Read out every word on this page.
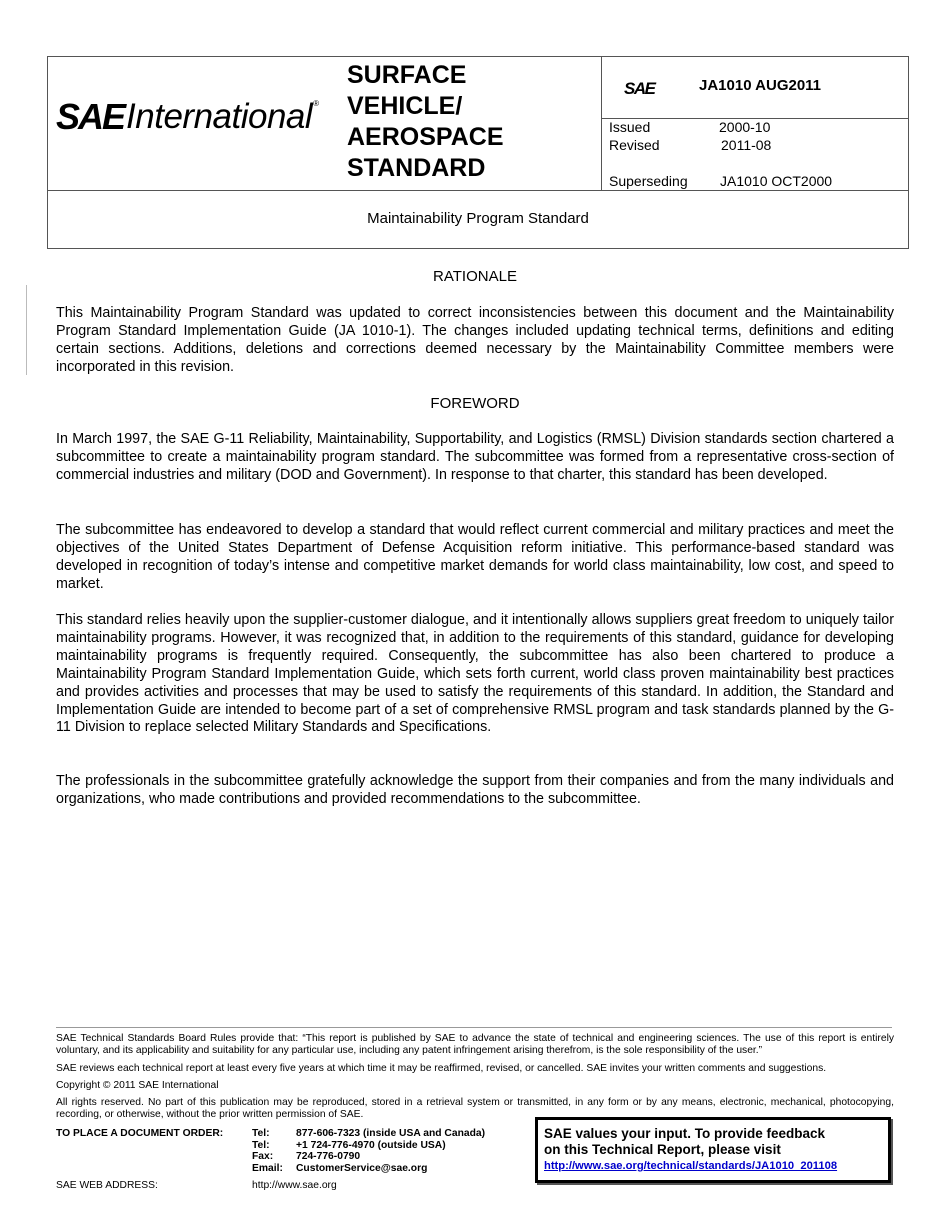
SAEInternational®
SURFACE
VEHICLE/
AEROSPACE
STANDARD
SAE	JA1010 AUG2011
Issued	2000-10
Revised	2011-08
Superseding JA1010 OCT2000
Maintainability Program Standard
RATIONALE
This Maintainability Program Standard was updated to correct inconsistencies between this document and the Maintainability Program Standard Implementation Guide (JA 1010-1). The changes included updating technical terms, definitions and editing certain sections. Additions, deletions and corrections deemed necessary by the Maintainability Committee members were incorporated in this revision.
FOREWORD
In March 1997, the SAE G-11 Reliability, Maintainability, Supportability, and Logistics (RMSL) Division standards section chartered a subcommittee to create a maintainability program standard. The subcommittee was formed from a representative cross-section of commercial industries and military (DOD and Government). In response to that charter, this standard has been developed.
The subcommittee has endeavored to develop a standard that would reflect current commercial and military practices and meet the objectives of the United States Department of Defense Acquisition reform initiative. This performance-based standard was developed in recognition of today’s intense and competitive market demands for world class maintainability, low cost, and speed to market.
This standard relies heavily upon the supplier-customer dialogue, and it intentionally allows suppliers great freedom to uniquely tailor maintainability programs. However, it was recognized that, in addition to the requirements of this standard, guidance for developing maintainability programs is frequently required. Consequently, the subcommittee has also been chartered to produce a Maintainability Program Standard Implementation Guide, which sets forth current, world class proven maintainability best practices and provides activities and processes that may be used to satisfy the requirements of this standard. In addition, the Standard and Implementation Guide are intended to become part of a set of comprehensive RMSL program and task standards planned by the G-11 Division to replace selected Military Standards and Specifications.
The professionals in the subcommittee gratefully acknowledge the support from their companies and from the many individuals and organizations, who made contributions and provided recommendations to the subcommittee.
SAE Technical Standards Board Rules provide that: “This report is published by SAE to advance the state of technical and engineering sciences. The use of this report is entirely voluntary, and its applicability and suitability for any particular use, including any patent infringement arising therefrom, is the sole responsibility of the user.”
SAE reviews each technical report at least every five years at which time it may be reaffirmed, revised, or cancelled. SAE invites your written comments and suggestions.
Copyright © 2011 SAE International
All rights reserved. No part of this publication may be reproduced, stored in a retrieval system or transmitted, in any form or by any means, electronic, mechanical, photocopying, recording, or otherwise, without the prior written permission of SAE.
TO PLACE A DOCUMENT ORDER:	Tel:	877-606-7323 (inside USA and Canada)
Tel:	+1 724-776-4970 (outside USA)
Fax: 724-776-0790
Email: CustomerService@sae.org
SAE WEB ADDRESS:	http://www.sae.org
SAE values your input. To provide feedback
on this Technical Report, please visit
http://www.sae.org/technical/standards/JA1010_201108
